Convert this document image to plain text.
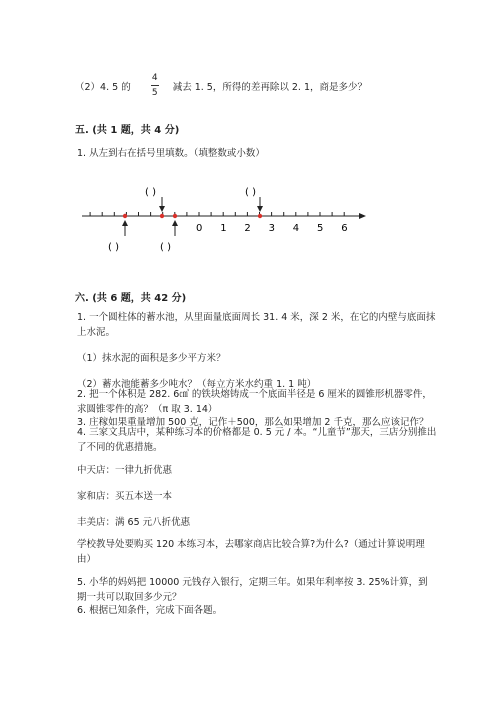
（2）4. 5 的 $\frac{4}{5}$ 减去 1. 5，所得的差再除以 2. 1，商是多少？
五. (共 1 题，共 4 分)
1. 从左到右在括号里填数。（填整数或小数）
0 1 2 3 4 5 6
( )	( )
( )	( )
六. (共 6 题，共 42 分)
1. 一个圆柱体的蓄水池，从里面量底面周长 31. 4 米，深 2 米，在它的内壁与底面抹上水泥。
（1）抹水泥的面积是多少平方米？
（2）蓄水池能蓄多少吨水？（每立方米水约重 1. 1 吨）
2. 把一个体积是 282. 6㎤ 的铁块熔铸成一个底面半径是 6 厘米的圆锥形机器零件，求圆锥零件的高？（π 取 3. 14）
3. 庄稼如果重量增加 500 克，记作＋500，那么如果增加 2 千克，那么应该记作？
4. 三家文具店中，某种练习本的价格都是 0. 5 元 / 本。“儿童节”那天，三店分别推出了不同的优惠措施。
中天店：一律九折优惠
家和店：买五本送一本
丰美店：满 65 元八折优惠
学校教导处要购买 120 本练习本，去哪家商店比较合算?为什么?（通过计算说明理由）
5. 小华的妈妈把 10000 元钱存入银行，定期三年。如果年利率按 3. 25%计算，到期一共可以取回多少元？
6. 根据已知条件，完成下面各题。
